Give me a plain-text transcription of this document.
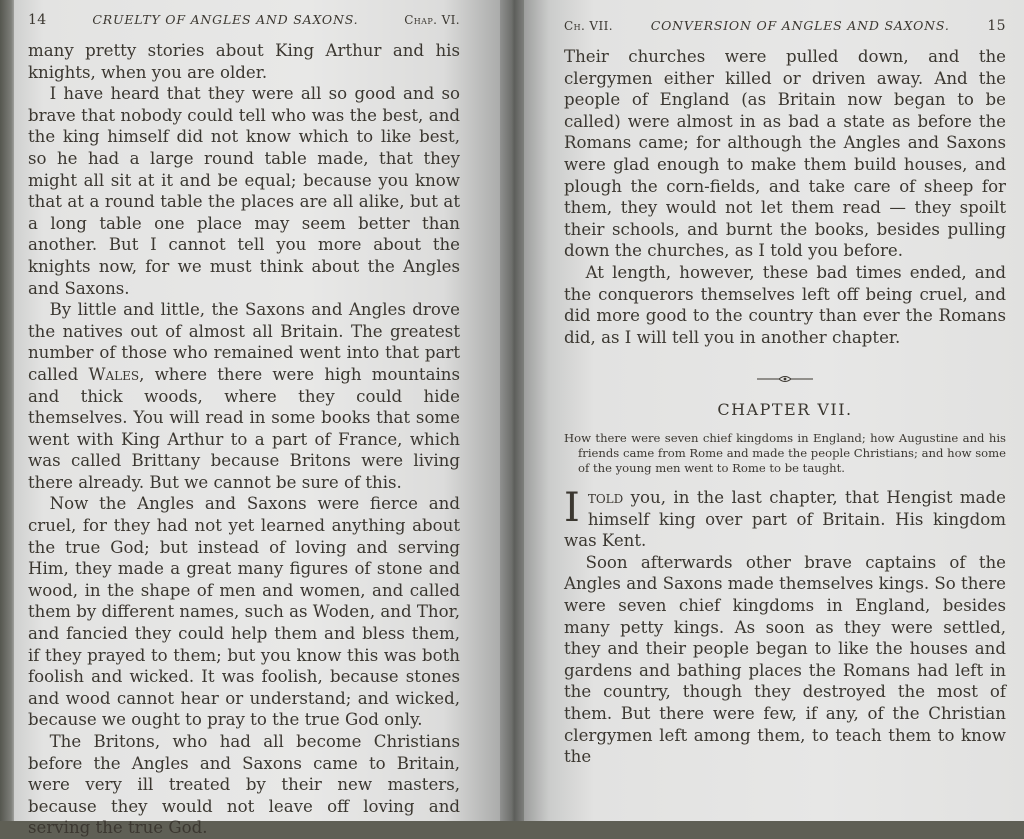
14	CRUELTY OF ANGLES AND SAXONS.	Chap. VI.

many pretty stories about King Arthur and his knights, when you are older.

I have heard that they were all so good and so brave that nobody could tell who was the best, and the king himself did not know which to like best, so he had a large round table made, that they might all sit at it and be equal; because you know that at a round table the places are all alike, but at a long table one place may seem better than another. But I cannot tell you more about the knights now, for we must think about the Angles and Saxons.

By little and little, the Saxons and Angles drove the natives out of almost all Britain. The greatest number of those who remained went into that part called Wales, where there were high mountains and thick woods, where they could hide themselves. You will read in some books that some went with King Arthur to a part of France, which was called Brittany because Britons were living there already. But we cannot be sure of this.

Now the Angles and Saxons were fierce and cruel, for they had not yet learned anything about the true God; but instead of loving and serving Him, they made a great many figures of stone and wood, in the shape of men and women, and called them by different names, such as Woden, and Thor, and fancied they could help them and bless them, if they prayed to them; but you know this was both foolish and wicked. It was foolish, because stones and wood cannot hear or understand; and wicked, because we ought to pray to the true God only.

The Britons, who had all become Christians before the Angles and Saxons came to Britain, were very ill treated by their new masters, because they would not leave off loving and serving the true God.

Ch. VII.	CONVERSION OF ANGLES AND SAXONS.	15

Their churches were pulled down, and the clergymen either killed or driven away. And the people of England (as Britain now began to be called) were almost in as bad a state as before the Romans came; for although the Angles and Saxons were glad enough to make them build houses, and plough the corn-fields, and take care of sheep for them, they would not let them read — they spoilt their schools, and burnt the books, besides pulling down the churches, as I told you before.

At length, however, these bad times ended, and the conquerors themselves left off being cruel, and did more good to the country than ever the Romans did, as I will tell you in another chapter.

CHAPTER VII.
How there were seven chief kingdoms in England; how Augustine and his friends came from Rome and made the people Christians; and how some of the young men went to Rome to be taught.

Itold you, in the last chapter, that Hengist made himself king over part of Britain. His kingdom was Kent.

Soon afterwards other brave captains of the Angles and Saxons made themselves kings. So there were seven chief kingdoms in England, besides many petty kings. As soon as they were settled, they and their people began to like the houses and gardens and bathing places the Romans had left in the country, though they destroyed the most of them. But there were few, if any, of the Christian clergymen left among them, to teach them to know the
